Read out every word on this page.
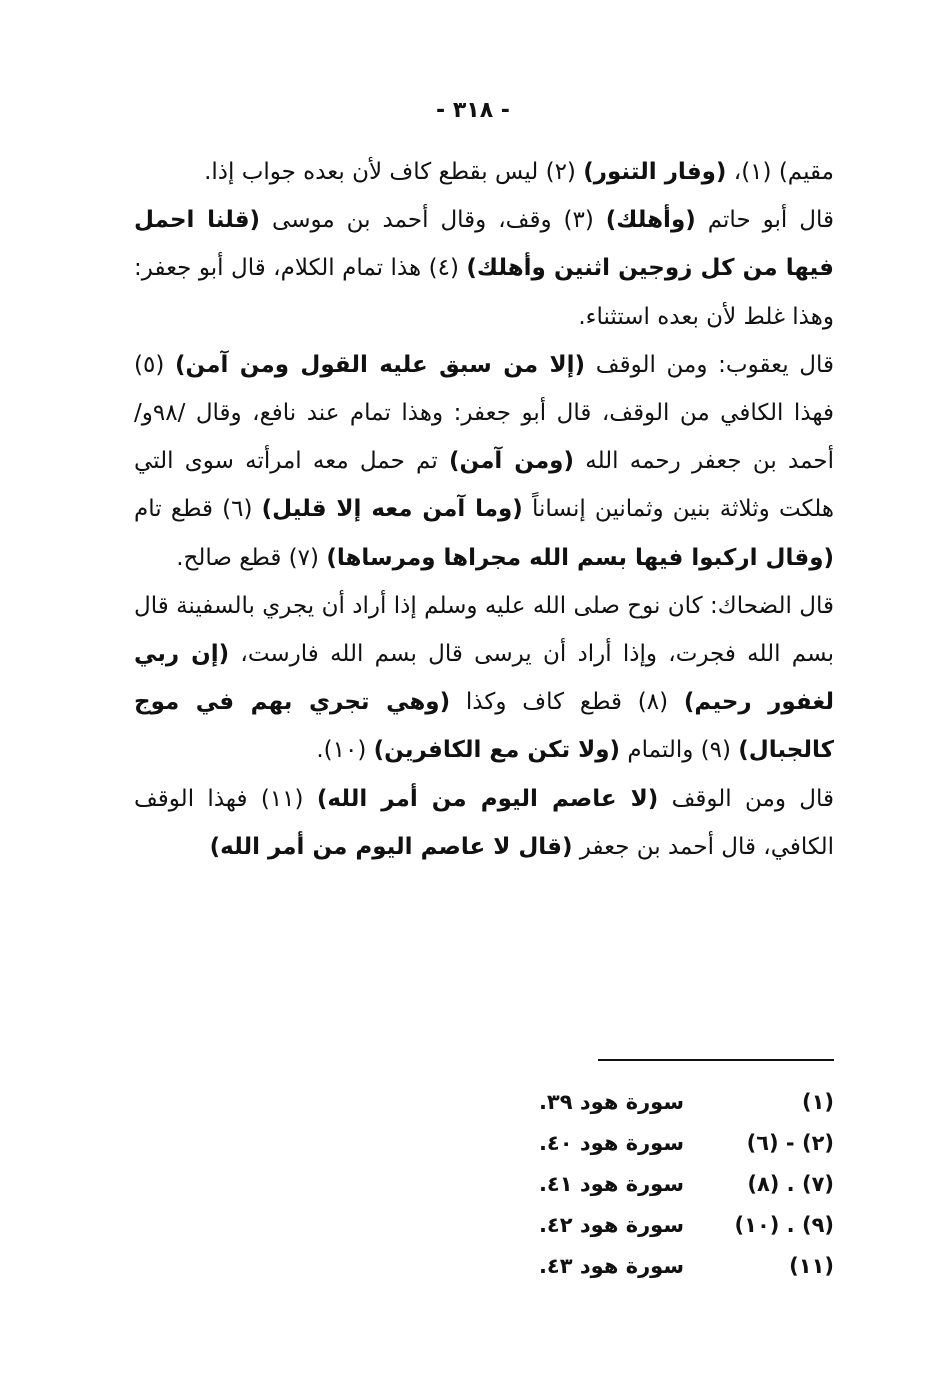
- ٣١٨ -

مقيم) (١)، (وفار التنور) (٢) ليس بقطع كاف لأن بعده جواب إذا.

قال أبو حاتم (وأهلك) (٣) وقف، وقال أحمد بن موسى (قلنا احمل فيها من كل زوجين اثنين وأهلك) (٤) هذا تمام الكلام، قال أبو جعفر: وهذا غلط لأن بعده استثناء.

قال يعقوب: ومن الوقف (إلا من سبق عليه القول ومن آمن) (٥) فهذا الكافي من الوقف، قال أبو جعفر: وهذا تمام عند نافع، وقال /٩٨و/ أحمد بن جعفر رحمه الله (ومن آمن) تم حمل معه امرأته سوى التي هلكت وثلاثة بنين وثمانين إنساناً (وما آمن معه إلا قليل) (٦) قطع تام (وقال اركبوا فيها بسم الله مجراها ومرساها) (٧) قطع صالح.

قال الضحاك: كان نوح صلى الله عليه وسلم إذا أراد أن يجري بالسفينة قال بسم الله فجرت، وإذا أراد أن يرسى قال بسم الله فارست، (إن ربي لغفور رحيم) (٨) قطع كاف وكذا (وهي تجري بهم في موج كالجبال) (٩) والتمام (ولا تكن مع الكافرين) (١٠).

قال ومن الوقف (لا عاصم اليوم من أمر الله) (١١) فهذا الوقف الكافي، قال أحمد بن جعفر (قال لا عاصم اليوم من أمر الله)

(١)
سورة هود ٣٩.
(٢) - (٦)
سورة هود ٤٠.
(٧) . (٨)
سورة هود ٤١.
(٩) . (١٠)
سورة هود ٤٢.
(١١)
سورة هود ٤٣.
